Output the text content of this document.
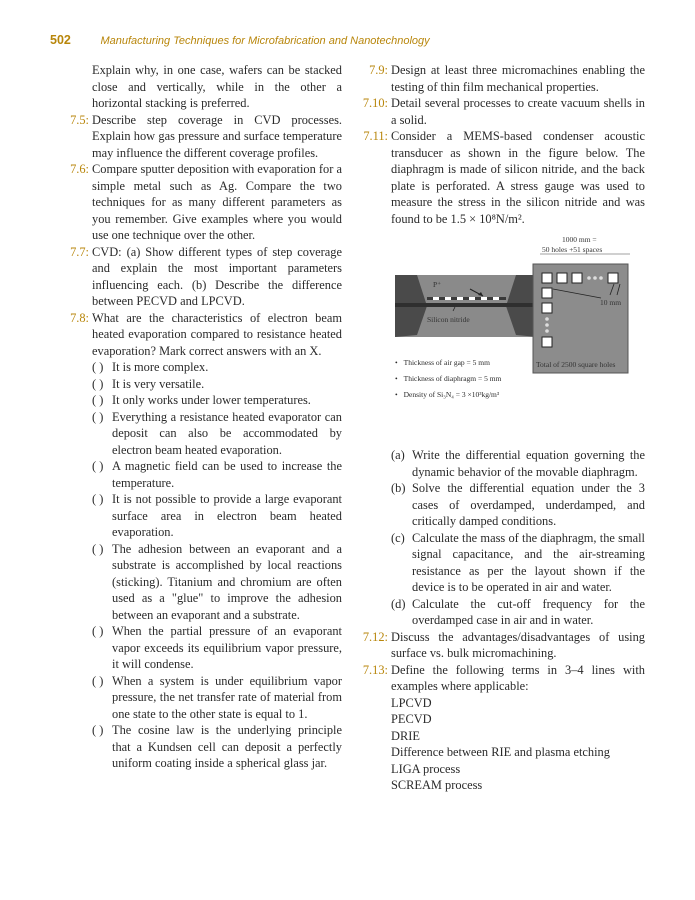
502	Manufacturing Techniques for Microfabrication and Nanotechnology
Explain why, in one case, wafers can be stacked close and vertically, while in the other a horizontal stacking is preferred.
7.5: Describe step coverage in CVD processes. Explain how gas pressure and surface temperature may influence the different coverage profiles.
7.6: Compare sputter deposition with evaporation for a simple metal such as Ag. Compare the two techniques for as many different parameters as you remember. Give examples where you would use one technique over the other.
7.7: CVD: (a) Show different types of step coverage and explain the most important parameters influencing each. (b) Describe the difference between PECVD and LPCVD.
7.8: What are the characteristics of electron beam heated evaporation compared to resistance heated evaporation? Mark correct answers with an X.
( ) It is more complex.
( ) It is very versatile.
( ) It only works under lower temperatures.
( ) Everything a resistance heated evaporator can deposit can also be accommodated by electron beam heated evaporation.
( ) A magnetic field can be used to increase the temperature.
( ) It is not possible to provide a large evaporant surface area in electron beam heated evaporation.
( ) The adhesion between an evaporant and a substrate is accomplished by local reactions (sticking). Titanium and chromium are often used as a "glue" to improve the adhesion between an evaporant and a substrate.
( ) When the partial pressure of an evaporant vapor exceeds its equilibrium vapor pressure, it will condense.
( ) When a system is under equilibrium vapor pressure, the net transfer rate of material from one state to the other state is equal to 1.
( ) The cosine law is the underlying principle that a Kundsen cell can deposit a perfectly uniform coating inside a spherical glass jar.
7.9: Design at least three micromachines enabling the testing of thin film mechanical properties.
7.10: Detail several processes to create vacuum shells in a solid.
7.11: Consider a MEMS-based condenser acoustic transducer as shown in the figure below. The diaphragm is made of silicon nitride, and the back plate is perforated. A stress gauge was used to measure the stress in the silicon nitride and was found to be 1.5 × 10⁸N/m².
1000 mm =
50 holes +51 spaces
P⁺
10 mm
Silicon nitride
Total of 2500 square holes
• Thickness of air gap = 5 mm
• Thickness of diaphragm = 5 mm
• Density of Si₃N₄ = 3 ×10³kg/m³
(a) Write the differential equation governing the dynamic behavior of the movable diaphragm.
(b) Solve the differential equation under the 3 cases of overdamped, underdamped, and critically damped conditions.
(c) Calculate the mass of the diaphragm, the small signal capacitance, and the air-streaming resistance as per the layout shown if the device is to be operated in air and water.
(d) Calculate the cut-off frequency for the overdamped case in air and in water.
7.12: Discuss the advantages/disadvantages of using surface vs. bulk micromachining.
7.13: Define the following terms in 3–4 lines with examples where applicable:
LPCVD
PECVD
DRIE
Difference between RIE and plasma etching
LIGA process
SCREAM process
